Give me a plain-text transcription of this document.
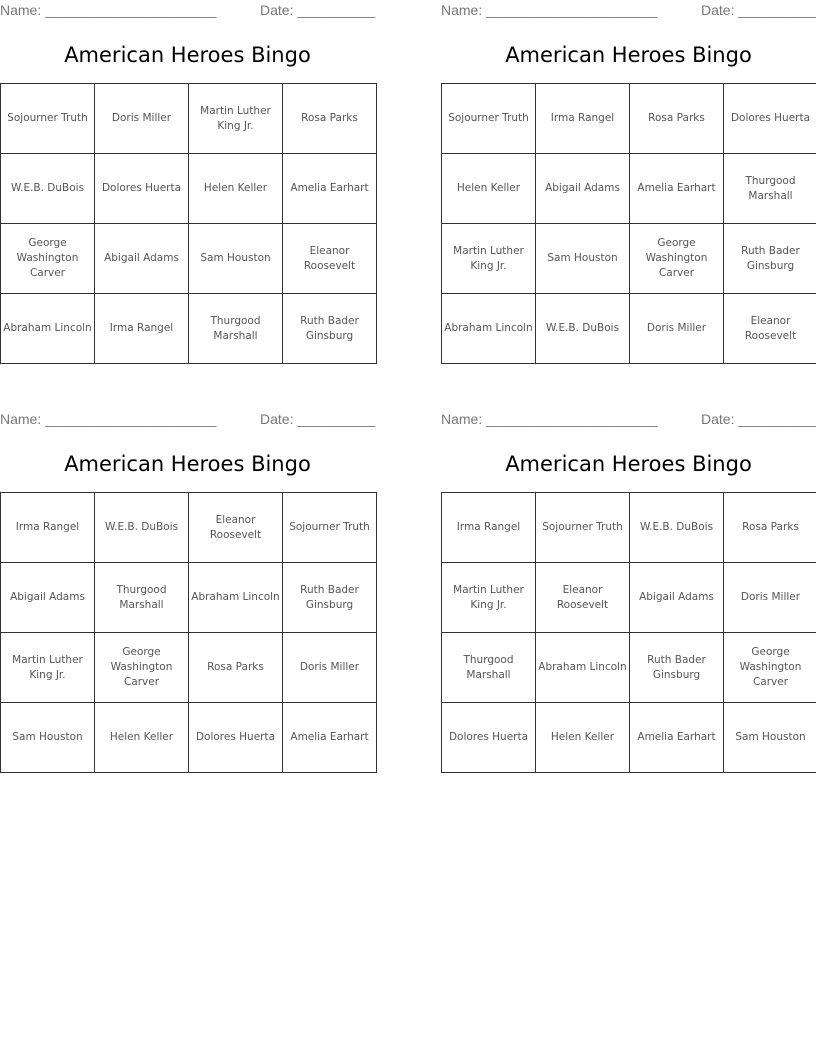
Name: ______________________	Date: __________
American Heroes Bingo
Sojourner Truth	Doris Miller	Martin Luther King Jr.	Rosa Parks
W.E.B. DuBois	Dolores Huerta	Helen Keller	Amelia Earhart
George Washington Carver	Abigail Adams	Sam Houston	Eleanor Roosevelt
Abraham Lincoln	Irma Rangel	Thurgood Marshall	Ruth Bader Ginsburg
Name: ______________________	Date: __________
American Heroes Bingo
Sojourner Truth	Irma Rangel	Rosa Parks	Dolores Huerta
Helen Keller	Abigail Adams	Amelia Earhart	Thurgood Marshall
Martin Luther King Jr.	Sam Houston	George Washington Carver	Ruth Bader Ginsburg
Abraham Lincoln	W.E.B. DuBois	Doris Miller	Eleanor Roosevelt
Name: ______________________	Date: __________
American Heroes Bingo
Irma Rangel	W.E.B. DuBois	Eleanor Roosevelt	Sojourner Truth
Abigail Adams	Thurgood Marshall	Abraham Lincoln	Ruth Bader Ginsburg
Martin Luther King Jr.	George Washington Carver	Rosa Parks	Doris Miller
Sam Houston	Helen Keller	Dolores Huerta	Amelia Earhart
Name: ______________________	Date: __________
American Heroes Bingo
Irma Rangel	Sojourner Truth	W.E.B. DuBois	Rosa Parks
Martin Luther King Jr.	Eleanor Roosevelt	Abigail Adams	Doris Miller
Thurgood Marshall	Abraham Lincoln	Ruth Bader Ginsburg	George Washington Carver
Dolores Huerta	Helen Keller	Amelia Earhart	Sam Houston
